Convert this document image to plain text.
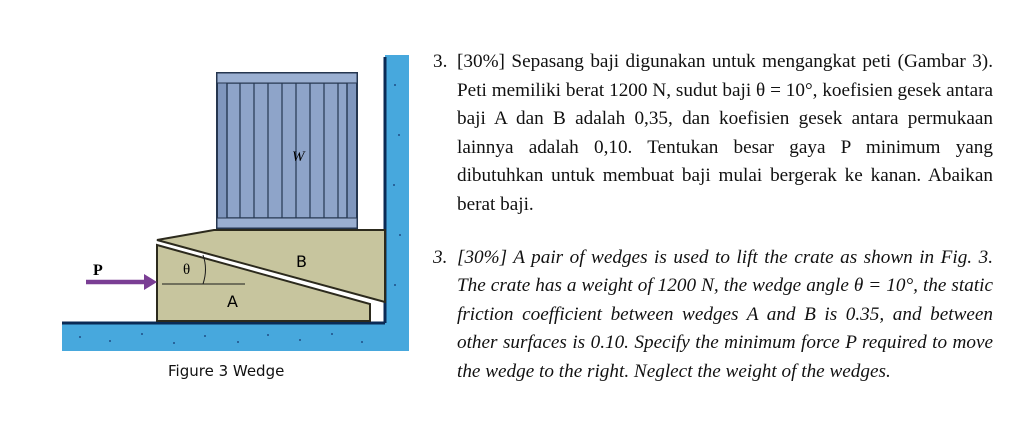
W
B
A
θ
P
Figure 3 Wedge

3. [30%] Sepasang baji digunakan untuk mengangkat peti (Gambar 3). Peti memiliki berat 1200 N, sudut baji θ = 10°, koefisien gesek antara baji A dan B adalah 0,35, dan koefisien gesek antara permukaan lainnya adalah 0,10. Tentukan besar gaya P minimum yang dibutuhkan untuk membuat baji mulai bergerak ke kanan. Abaikan berat baji.

3. [30%] A pair of wedges is used to lift the crate as shown in Fig. 3. The crate has a weight of 1200 N, the wedge angle θ = 10°, the static friction coefficient between wedges A and B is 0.35, and between other surfaces is 0.10. Specify the minimum force P required to move the wedge to the right. Neglect the weight of the wedges.
